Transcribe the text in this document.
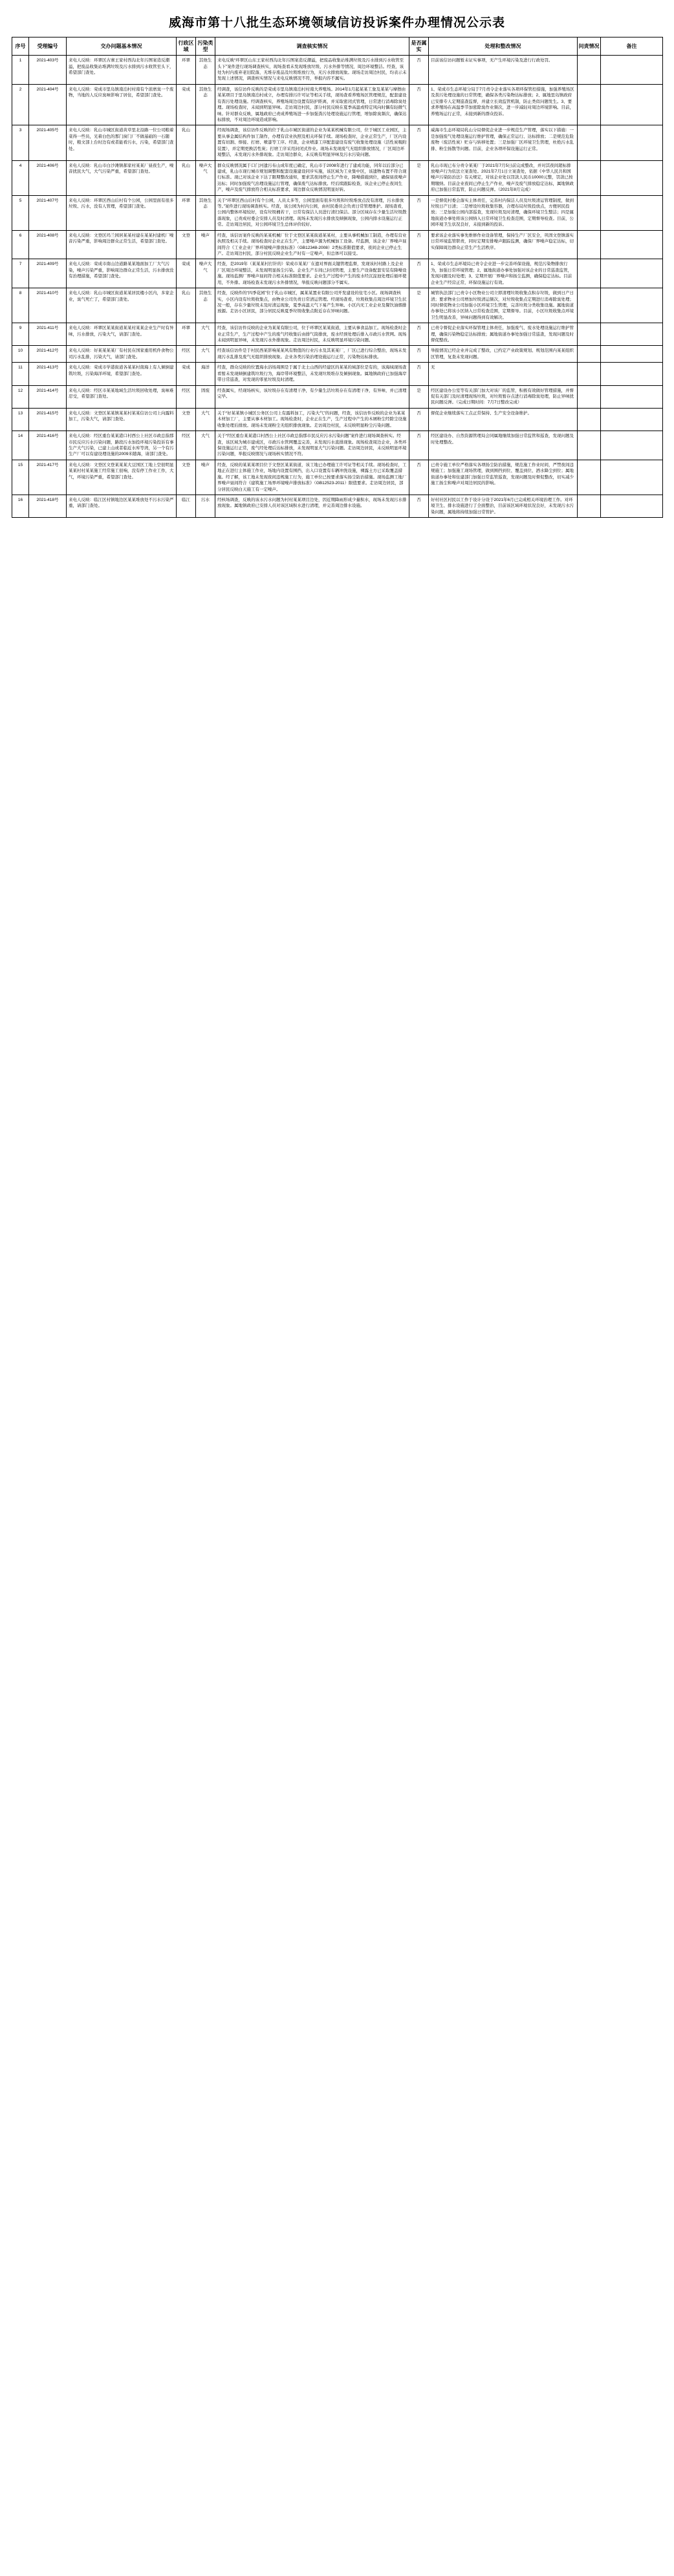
威海市第十八批生态环境领域信访投诉案件办理情况公示表
序号	受理编号	交办问题基本情况	行政区域	污染类型	调查核实情况	是否属实	处理和整改情况	问责情况	备注
1	2021-403号	来电人反映：环翠区古寨王家村西沟北年污图案造反潮溢，把废品收集站堆满垃圾及污水排到污水收管至头下，希望部门查处。	环翠	其他生态	来电反映“环翠区山东王家村西沟北年污图案造反潮溢，把废品收集站堆满垃圾及污水排到污水收管至头下”案件进行现场调查核实，现场查看未发现堆放垃圾、污水外排等情况，周边环境整洁。经查，该处为村内废弃老旧院落，无堆存废品及垃圾堆放行为，无污水排放现象。现场走访周边村民，均表示未发现上述情况，调查核实情况与来电反映情况不符，举报内容不属实。	否	目前该信访问题暂未证实事项，无产生环境污染及进行行政处罚。		
2	2021-404号	来电人反映：荣成市里岛镇南泊村村南有个浓磨臭一个废物，当地的人反应臭味影响了居住，希望部门查处。	荣成	其他生态	经调查，该信访件反映的是荣成市里岛镇南泊村村南大养殖场。2014年1月起某某工象及某某与摩擦由某某项目于里岛镇南泊村成立，办理有排污许可证等相关手续，现场查看养殖场区管理规范，配套建设有粪污处理设施。经调查核实，养殖场周边设置有防护距离，并采取密闭式管理，日常进行消毒除臭处理。现场检查时，未闻到明显异味。走访周边村民，部分村民反映在夏季高温或特定风向时偶有轻微气味。针对群众反映，属地政府已责成养殖场进一步加强粪污处理设施运行管理，增加除臭频次，确保达标排放，不对周边环境造成影响。	否	1、荣成市生态环境分局于7月责令企业落实各项环保管控措施，加强养殖场区及粪污处理设施的日常管理，确保各类污染物达标排放；2、属地里岛镇政府已安排专人定期巡查监督，并建立长效监管机制，防止类似问题发生。3、要求养殖场在高温季节加密除臭作业频次，进一步减轻对周边环境影响。目前，养殖场运行正常，未接到新的群众投诉。		
3	2021-405号	来电人反映：乳山市城区街道黄草里北沿路一位公司粮着菜得一些员，光着白色的那门窗门厂不做基础的一石随时，粮文部上台时边有或者能看污水，污染，希望部门查处。	乳山		经现场调查，该信访件反映的位于乳山市城区街道的企业为某某机械有限公司，位于城区工业园区，主要从事金属结构件加工制作，办理有营业执照及相关环保手续。现场检查时，企业正常生产，厂区内设置有切割、焊接、打磨、喷漆等工序。经查，企业喷漆工序配套建设有废气收集处理设施（活性炭吸附装置），并定期更换活性炭；打磨工序采用封闭式作业。现场未发现废气无组织排放情况，厂区周边环境整洁，未发现污水外排现象。走访周边群众，未反映有明显异味及污水污染问题。	否	威海市生态环境局乳山分局督促企业进一步规范生产管理，落实以下措施：一是加强废气处理设施运行维护管理，确保正常运行、达标排放；二是规范危险废物（废活性炭）贮存与转移处置；三是加强厂区环境卫生管理，杜绝污水乱排、粉尘扬散等问题。目前，企业各项环保设施运行正常。		
4	2021-406号	来电人反映：乳山市白沙滩镇郝家村某某厂昼夜生产，噪音扰民大气，大气污染严重，希望部门查处。	乳山	噪声大气	群众反映情况属于口门河遗污布山成年度已确定，乳山市于2008年进行了建成功能，同年以后部分已建成，乳山市现行城市规划调整和配套设施建设同步实施，该区域为工业集中区，该遗物布置不符合现行标准。现已对该企业下达了限期整改通知，要求其夜间停止生产作业，降噪措施到位，确保昼夜噪声达标；同时加强废气治理设施运行管理，确保废气达标排放。经后续跟踪检查，该企业已停止夜间生产，噪声及废气排放符合相关标准要求，周边群众反映情况明显好转。	是	乳山市现已布分责令某某厂于2021年7月5日前完成整改，并对其夜间超标排放噪声行为依法立案查处。2021年7月1日立案查处，依据《中华人民共和国噪声污染防治法》有关规定，对该企业处以罚款人民币10000元整，罚款已按期缴纳。目前企业夜间已停止生产作业，噪声及废气排放稳定达标，属地镇政府已加强日常监管，防止问题反弹。（2021年8月完成）		
5	2021-407号	来电人反映：环翠区西山后村有个公园，公园里面有很多垃圾、污水，没有人管理，希望部门查处。	环翠	其他生态	关于“环翠区西山后村有个公园，人员太多等，公园里面有很多垃圾和垃圾堆放点没有清理，污水排放等。”案件进行现场调查核实。经查，该公园为村内公园，由村民委员会负责日常管理维护。现场查看，公园内整体环境较好，设有垃圾桶若干，日常有保洁人员进行清扫保洁。部分区域存在少量生活垃圾散落现象，已责成村委会安排人员及时清理。现场未发现污水排放及倾倒现象，公园内排水设施运行正常。走访周边居民，对公园环境卫生总体评价较好。	否	一是督促村委会落实主体责任，完善村内保洁人员及垃圾清运管理制度，做到垃圾日产日清；二是增设垃圾收集容器，合理布局垃圾投放点，方便居民投放；三是加强公园内部巡查，发现垃圾及时清理，确保环境卫生整洁；四是属地街道办事处将该公园纳入日常环境卫生检查范围，定期督导检查。目前，公园环境卫生状况良好，未接到新的投诉。		
6	2021-408号	来电人反映：文登区玛兰园居某某村建在某某村建机厂噪音污染严重，影响周边群众正常生活，希望部门查处。	文登	噪声	经查，该信访案件反映的某某机械厂位于文登区某某街道某某村，主要从事机械加工制造，办理有营业执照及相关手续。现场检查时企业正在生产，主要噪声源为机械加工设备。经监测，该企业厂界噪声昼间符合《工业企业厂界环境噪声排放标准》（GB12348-2008）2类标准限值要求，夜间企业已停止生产。走访周边村民，部分村民反映企业生产时有一定噪声，但总体可以接受。	否	要求该企业落实事先维修作业设备管理，保持生产厂区安全，巩固文登镇落实日常环境监管职责，同时定期安排噪声跟踪监测，确保厂界噪声稳定达标，切实保障周边群众正常生产生活秩序。		
7	2021-409号	来电人反映：荣成市南山边道路某某地面加工厂大气污染，噪声污染严重，影响周边群众正常生活，污水排放没有治理措施，希望部门查处。	荣成	噪声大气	经查，是2019年（某某某村打针的）荣成市某某厂在遗对界面关键管理监督，发现该村村路上及企业厂区周边环境整洁，未发现明显扬尘污染。企业生产车间已封闭管理，主要生产设备配套安装有降噪设施。现场监测厂界噪声昼间符合相关标准限值要求。企业生产过程中产生的废水经沉淀池处理后循环使用，不外排。现场检查未发现污水外排情况，举报反映问题部分不属实。	否	1、荣成市生态环境局已责令企业进一步完善环保设施，规范污染物排放行为，加强日常环境管理；2、属地街道办事处加强对该企业的日常巡查监管，发现问题及时处理；3、定期开展厂界噪声和扬尘监测，确保稳定达标。目前企业生产经营正常，环保设施运行有效。		
8	2021-410号	来电人反映：乳山市城区街道某某居民楼小区内，多家企业，臭气死亡了，希望部门查处。	乳山	其他生态	经查，反映件的“四季花园”位于乳山市城区，属某某置业有限公司开发建设的住宅小区。现场调查核实，小区内设有垃圾收集点，由物业公司负责日常清运管理。经现场查看，垃圾收集点周边环境卫生状况一般，存在少量垃圾未及时清运现象，夏季高温天气下易产生异味。小区内无工业企业及餐饮油烟排放源。走访小区居民，部分居民反映夏季垃圾收集点附近存在异味问题。	是	城管执法部门已责令小区物业公司立即清理垃圾收集点积存垃圾，做到日产日清；要求物业公司增加垃圾清运频次，对垃圾收集点定期进行消毒除臭处理；同时督促物业公司加强小区环境卫生管理，完善垃圾分类收集设施。属地街道办事处已将该小区纳入日常检查范围，定期督导。目前，小区垃圾收集点环境卫生明显改善，异味问题得到有效解决。		
9	2021-411号	来电人反映：环翠区某某街道某某村某某企业生产时有异味，污水排放，污染大气，请部门查处。	环翠	大气	经查，该信访件反映的企业为某某有限公司，位于环翠区某某街道，主要从事食品加工。现场检查时企业正常生产，生产过程中产生的废气经收集后由排气筒排放，废水经预处理后排入市政污水管网。现场未闻到明显异味，未发现污水外排现象。走访周边村民，未反映明显环境污染问题。	否	已责令督促企业落实环保管理主体责任，加强废气、废水处理设施运行维护管理，确保污染物稳定达标排放；属地街道办事处加强日常巡查，发现问题及时督促整改。		
10	2021-412号	来电人反映：好某某某某厂有村民在国家重用机件食物公司污水乱排，污染大气，请部门查处。	经区	大气	经查该信访件是于村民西某影响某某风有数值的行业污水及其某某厂，厂区已进行综合整治，现场未发现污水乱排及废气无组织排放现象。企业各类污染治理设施运行正常，污染物达标排放。	否	举报情况已经企业并完成了整改，已约定产业政策规划、规划范围内某某组织区管理，复查未发现问题。		
11	2021-413号	来电人反映：荣成市学港街道各某某村南海上有人倾倒建筑垃圾，污染海洋环境，希望部门查处。	荣成	海洋	经查，群众反映的位置海水浴场周围是于属于北土山西的经建区的某某的域部位是有的，该海域现场查看暂未发现倾倒建筑垃圾行为，海岸带环境整洁，未发现垃圾堆存及倾倒现象。属地镇政府已加强海岸带日常巡查，对发现的零星垃圾及时清理。	否	无		
12	2021-414号	来电人反映：经区市某某地域生活垃圾回收处理，臭味难忍受，希望部门查处。	经区	固废	经查属实，经现场核实，该垃圾存在有清理干净，有少量生活垃圾存在有清理干净，有异味，并已清理完毕。	是	经区建设办公室等有关部门加大对该厂的监管，积极有效做好管理措施，并督促有关部门及时清理现场垃圾，对垃圾暂存点进行消毒除臭处理，防止异味扰民问题反弹。（完成日期时间：7月7日整改完成）		
13	2021-415号	来电人反映：文登区某某镇某某村某某信访公司上向露料加工，污染大气，请部门查处。	文登	大气	关于“好某某镇小城区公务区公司上有露料加工，污染大气”的问题，经查，该信访件反映的企业为某某木材加工厂，主要从事木材加工。现场检查时，企业正在生产，生产过程中产生的木屑粉尘经除尘设施收集处理后排放。现场未发现粉尘无组织排放现象。走访周边村民，未反映明显粉尘污染问题。	否	督促企业继续落实工点正常保持、生产安全设备维护。		
14	2021-416号	来电人反映：经区重台某某港口村西公上社区市政总指那市民反应污水污染问题，路段污水加投环境污染投诉有事生产大气污染，已建上山或者临近水库等湾，另一个有污生产厂可以有建设理设施的2009米随海，请部门查处。	经区	大气	关于“经区重台某某港口村西公上社区市政总指那市民反应污水污染问题”案件进行现场调查核实。经查，该区域为城市建成区，市政污水管网覆盖完善，未发现污水直排现象。现场检查周边企业，各类环保设施运行正常，废气经处理后达标排放，未发现明显大气污染问题。走访周边居民，未反映明显环境污染问题，举报反映情况与现场核实情况不符。	否	经区建设办、自然资源管理局会同属地继续加强日常监管和巡查，发现问题及时处理整改。		
15	2021-417号	来电人反映：文登区文登某某某大豆国区工地上空很明显某某村村某某施工经常施工很响，没有停工作业工作，大气，环境污染严重，希望部门查处。	文登	噪声	经查，反映的某某某项目位于文登区某某街道，该工地已办理施工许可证等相关手续。现场检查时，工地正在进行主体施工作业，场地内设置有围挡，出入口设置有车辆冲洗设施，裸露土方已采取覆盖措施。经了解，该工地未发现夜间违规施工行为，施工单位已按要求落实扬尘防治措施。现场监测工地厂界噪声昼间符合《建筑施工场界环境噪声排放标准》（GB12523-2011）限值要求。走访周边居民，部分居民反映白天施工有一定噪声。	否	已责令施工单位严格落实各项扬尘防治措施，规范施工作业时间，严禁夜间违规施工；加强施工现场管理，做到围挡到位、覆盖到位、洒水降尘到位；属地街道办事处和住建部门加强日常监管巡查，发现问题及时督促整改，切实减少施工扬尘和噪声对周边居民的影响。		
16	2021-418号	来电人反映：临江区村镇地边区某某堆放处不污水污染严重，请部门查处。	临江	污水	经核场调查，反映的该水污水问题为村村某某项目边处，因近期降雨形成少量积水，现场未发现污水排放现象。属地镇政府已安排人员对该区域积水进行清理，并完善周边排水设施。	否	好村社区村民以工作于设计分设于2021年6月已完成相关环境治理工作。对环境卫生、排水设施进行了全面整治，目前该区域环境状况良好，未发现污水污染问题，属地将持续加强日常管护。		
